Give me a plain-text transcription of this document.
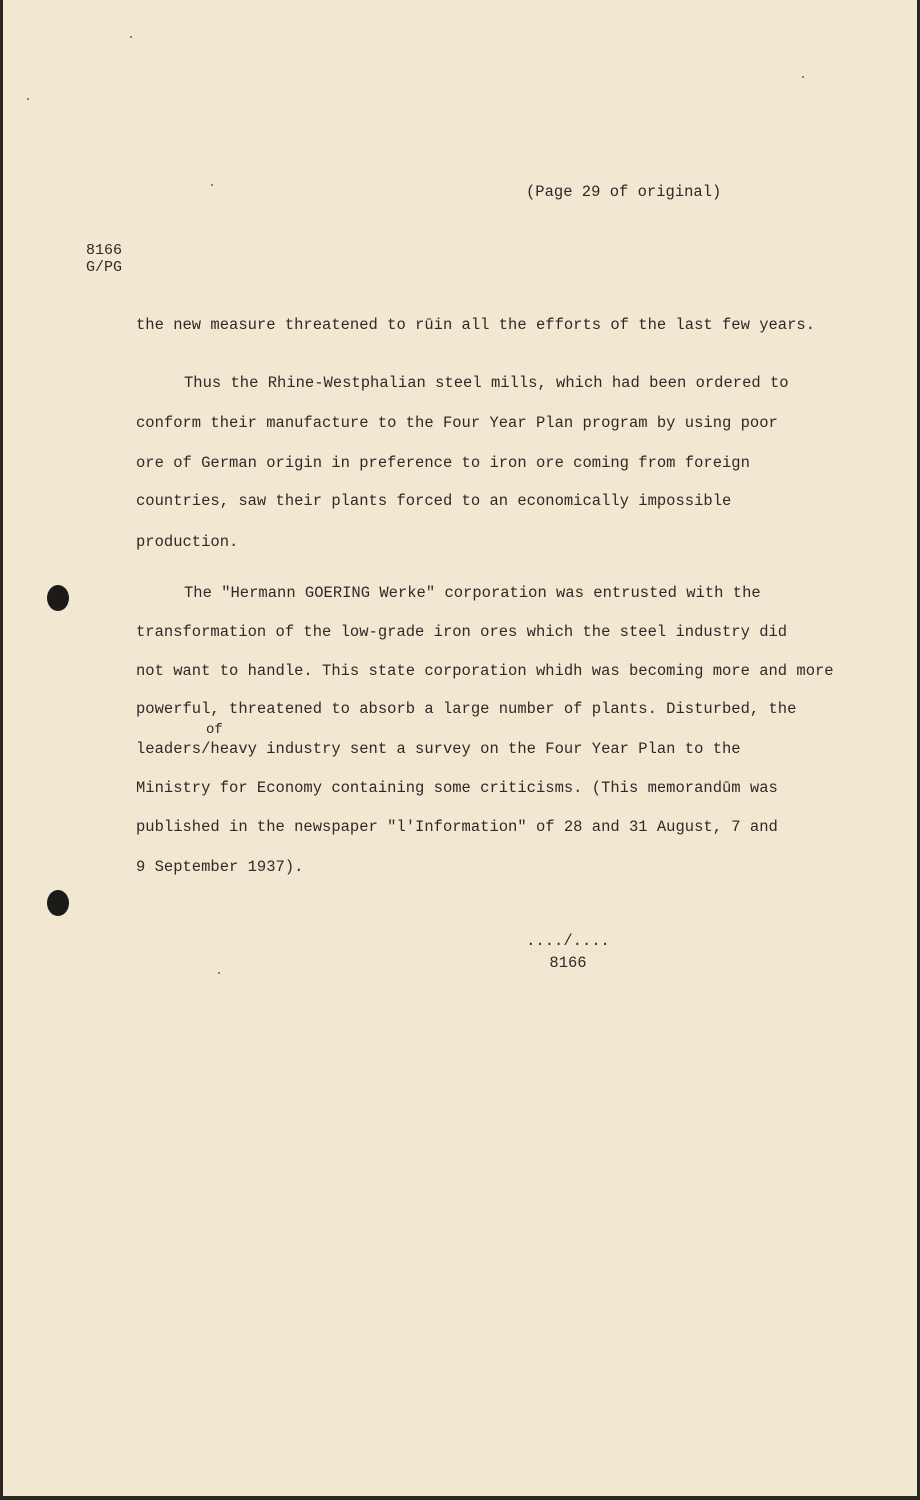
(Page 29 of original)
8166
G/PG
the new measure threatened to rūin all the efforts of the last few years.
Thus the Rhine-Westphalian steel mills, which had been ordered to
conform their manufacture to the Four Year Plan program by using poor
ore of German origin in preference to iron ore coming from foreign
countries, saw their plants forced to an economically impossible
production.
The "Hermann GOERING Werke" corporation was entrusted with the
transformation of the low-grade iron ores which the steel industry did
not want to handle. This state corporation whidh was becoming more and more
powerful, threatened to absorb a large number of plants. Disturbed, the
of
leaders/heavy industry sent a survey on the Four Year Plan to the
Ministry for Economy containing some criticisms. (This memorandūm was
published in the newspaper "l'Information" of 28 and 31 August, 7 and
9 September 1937).
..../....
8166
